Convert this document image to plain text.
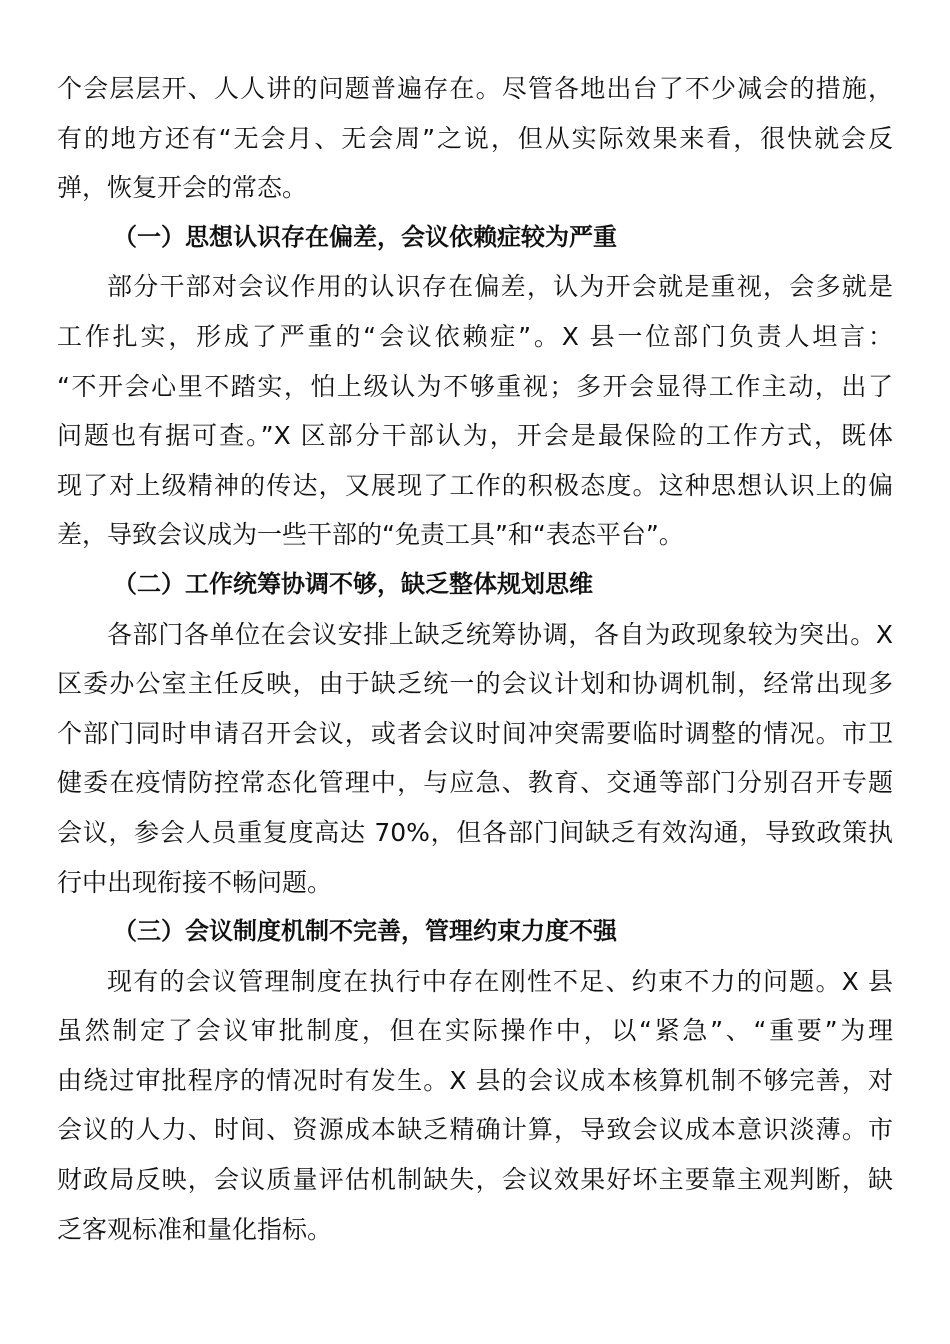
个会层层开、人人讲的问题普遍存在。尽管各地出台了不少减会的措施，
有的地方还有“无会月、无会周”之说，但从实际效果来看，很快就会反
弹，恢复开会的常态。
（一）思想认识存在偏差，会议依赖症较为严重
部分干部对会议作用的认识存在偏差，认为开会就是重视，会多就是
工作扎实，形成了严重的“会议依赖症”。X 县一位部门负责人坦言：
“不开会心里不踏实，怕上级认为不够重视；多开会显得工作主动，出了
问题也有据可查。”X 区部分干部认为，开会是最保险的工作方式，既体
现了对上级精神的传达，又展现了工作的积极态度。这种思想认识上的偏
差，导致会议成为一些干部的“免责工具”和“表态平台”。
（二）工作统筹协调不够，缺乏整体规划思维
各部门各单位在会议安排上缺乏统筹协调，各自为政现象较为突出。X
区委办公室主任反映，由于缺乏统一的会议计划和协调机制，经常出现多
个部门同时申请召开会议，或者会议时间冲突需要临时调整的情况。市卫
健委在疫情防控常态化管理中，与应急、教育、交通等部门分别召开专题
会议，参会人员重复度高达 70%，但各部门间缺乏有效沟通，导致政策执
行中出现衔接不畅问题。
（三）会议制度机制不完善，管理约束力度不强
现有的会议管理制度在执行中存在刚性不足、约束不力的问题。X 县
虽然制定了会议审批制度，但在实际操作中，以“紧急”、“重要”为理
由绕过审批程序的情况时有发生。X 县的会议成本核算机制不够完善，对
会议的人力、时间、资源成本缺乏精确计算，导致会议成本意识淡薄。市
财政局反映，会议质量评估机制缺失，会议效果好坏主要靠主观判断，缺
乏客观标准和量化指标。
